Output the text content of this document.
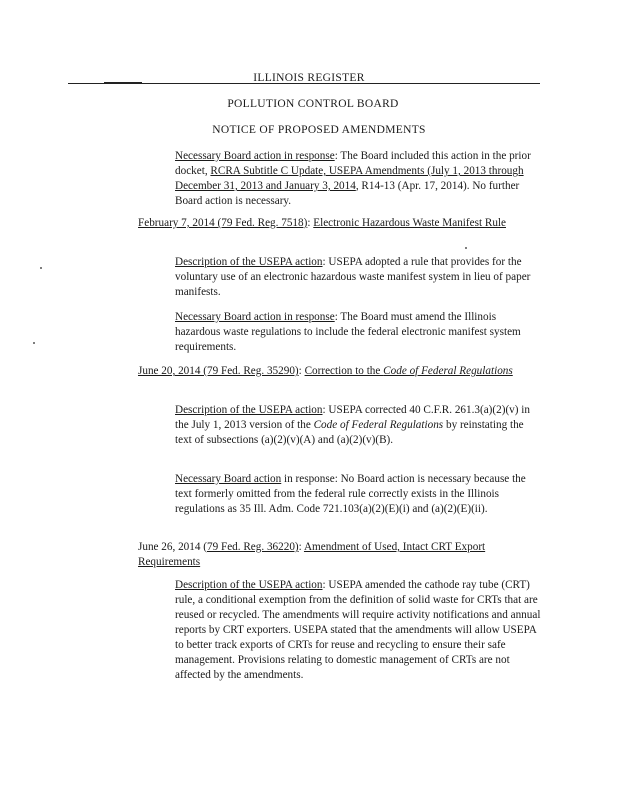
ILLINOIS REGISTER
POLLUTION CONTROL BOARD
NOTICE OF PROPOSED AMENDMENTS
Necessary Board action in response: The Board included this action in the prior docket, RCRA Subtitle C Update, USEPA Amendments (July 1, 2013 through December 31, 2013 and January 3, 2014, R14-13 (Apr. 17, 2014). No further Board action is necessary.
February 7, 2014 (79 Fed. Reg. 7518): Electronic Hazardous Waste Manifest Rule
Description of the USEPA action: USEPA adopted a rule that provides for the voluntary use of an electronic hazardous waste manifest system in lieu of paper manifests.
Necessary Board action in response: The Board must amend the Illinois hazardous waste regulations to include the federal electronic manifest system requirements.
June 20, 2014 (79 Fed. Reg. 35290): Correction to the Code of Federal Regulations
Description of the USEPA action: USEPA corrected 40 C.F.R. 261.3(a)(2)(v) in the July 1, 2013 version of the Code of Federal Regulations by reinstating the text of subsections (a)(2)(v)(A) and (a)(2)(v)(B).
Necessary Board action in response: No Board action is necessary because the text formerly omitted from the federal rule correctly exists in the Illinois regulations as 35 Ill. Adm. Code 721.103(a)(2)(E)(i) and (a)(2)(E)(ii).
June 26, 2014 (79 Fed. Reg. 36220): Amendment of Used, Intact CRT Export Requirements
Description of the USEPA action: USEPA amended the cathode ray tube (CRT) rule, a conditional exemption from the definition of solid waste for CRTs that are reused or recycled. The amendments will require activity notifications and annual reports by CRT exporters. USEPA stated that the amendments will allow USEPA to better track exports of CRTs for reuse and recycling to ensure their safe management. Provisions relating to domestic management of CRTs are not affected by the amendments.
